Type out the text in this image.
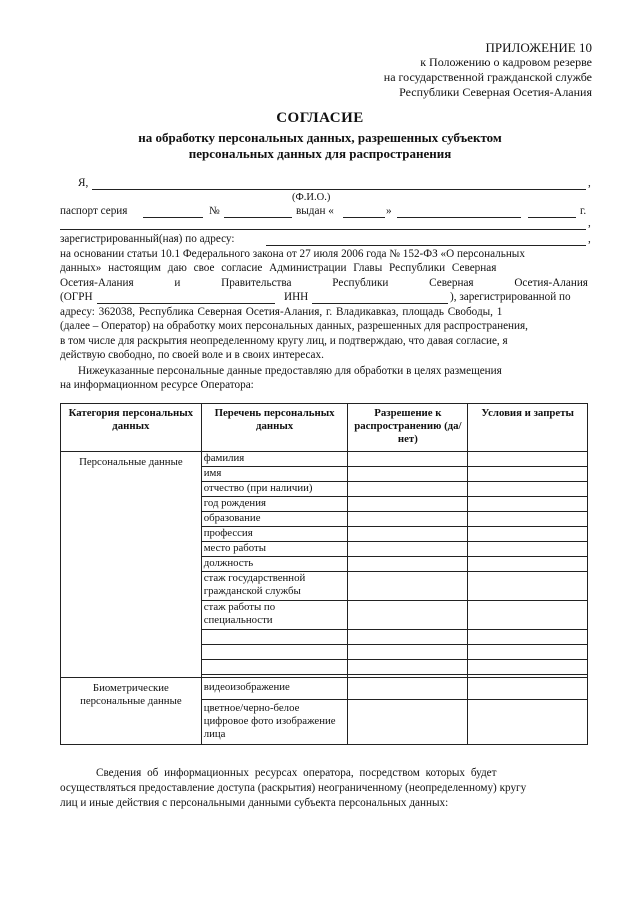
ПРИЛОЖЕНИЕ 10
к Положению о кадровом резерве
на государственной гражданской службе
Республики Северная Осетия-Алания
СОГЛАСИЕ
на обработку персональных данных, разрешенных субъектом
персональных данных для распространения
Я,	,
(Ф.И.О.)
паспорт серия	№	выдан «	»	г.
,
зарегистрированный(ная) по адресу:	,
на основании статьи 10.1 Федерального закона от 27 июля 2006 года № 152-ФЗ «О персональных
данных» настоящим даю свое согласие Администрации Главы Республики Северная
Осетия-Алания	и	Правительства	Республики	Северная	Осетия-Алания
(ОГРН	ИНН	), зарегистрированной по
адресу: 362038, Республика Северная Осетия-Алания, г. Владикавказ, площадь Свободы, 1
(далее – Оператор) на обработку моих персональных данных, разрешенных для распространения,
в том числе для раскрытия неопределенному кругу лиц, и подтверждаю, что давая согласие, я
действую свободно, по своей воле и в своих интересах.
Нижеуказанные персональные данные предоставляю для обработки в целях размещения
на информационном ресурсе Оператора:
Категория персональных данных	Перечень персональных данных	Разрешение к распространению (да/нет)	Условия и запреты
Персональные данные	фамилия		
	имя		
	отчество (при наличии)		
	год рождения		
	образование		
	профессия		
	место работы		
	должность		
	стаж государственной гражданской службы		
	стаж работы по специальности		

Биометрические персональные данные	видеоизображение		
	цветное/черно-белое цифровое фото изображение лица		
Сведения об информационных ресурсах оператора, посредством которых будет
осуществляться предоставление доступа (раскрытия) неограниченному (неопределенному) кругу
лиц и иные действия с персональными данными субъекта персональных данных:
